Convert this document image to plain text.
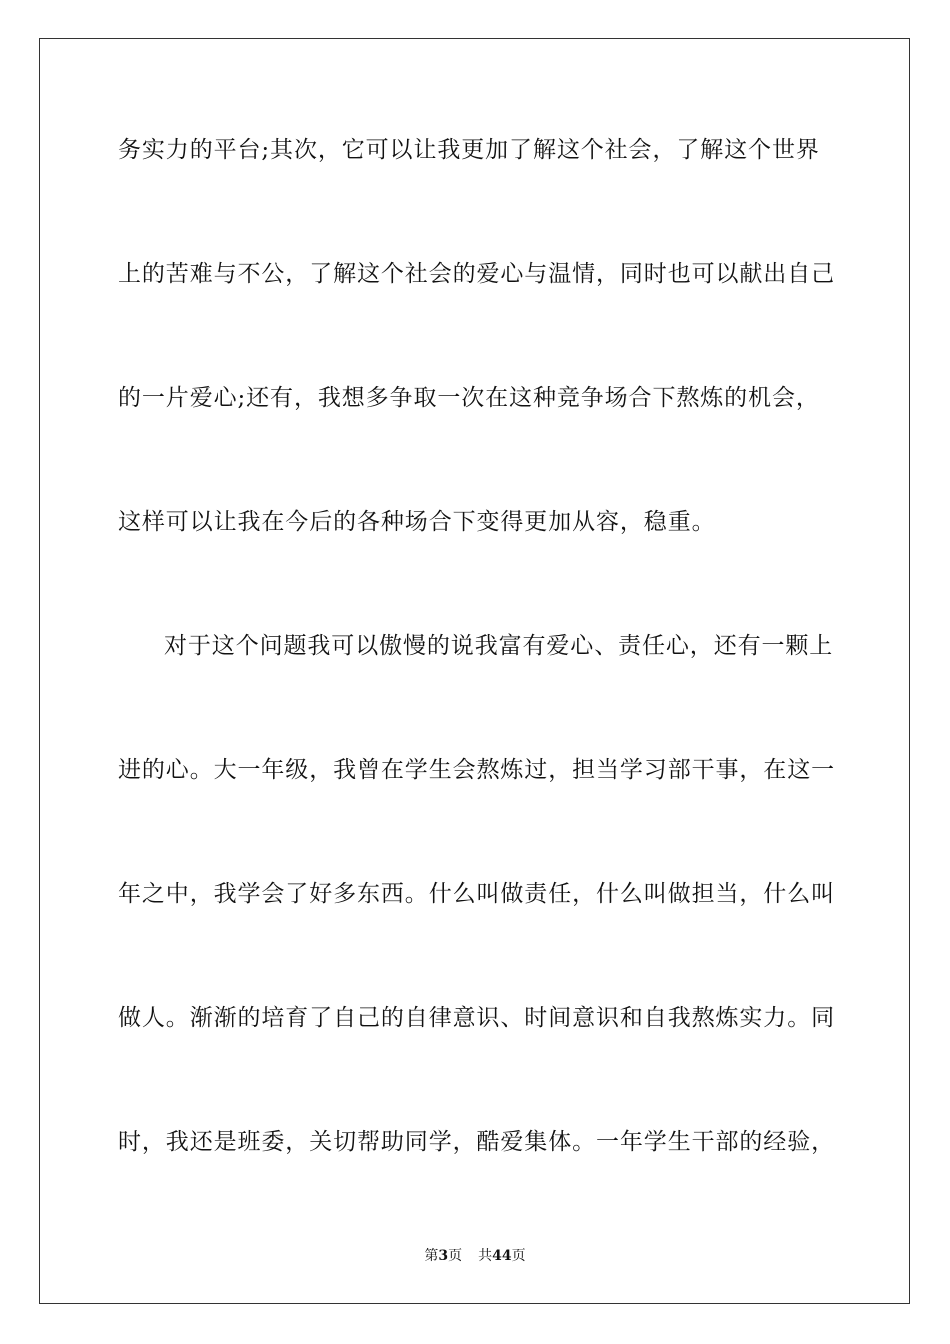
务实力的平台;其次，它可以让我更加了解这个社会，了解这个世界
上的苦难与不公，了解这个社会的爱心与温情，同时也可以献出自己
的一片爱心;还有，我想多争取一次在这种竞争场合下熬炼的机会，
这样可以让我在今后的各种场合下变得更加从容，稳重。
对于这个问题我可以傲慢的说我富有爱心、责任心，还有一颗上
进的心。大一年级，我曾在学生会熬炼过，担当学习部干事，在这一
年之中，我学会了好多东西。什么叫做责任，什么叫做担当，什么叫
做人。渐渐的培育了自己的自律意识、时间意识和自我熬炼实力。同
时，我还是班委，关切帮助同学，酷爱集体。一年学生干部的经验，
第3页 共44页
